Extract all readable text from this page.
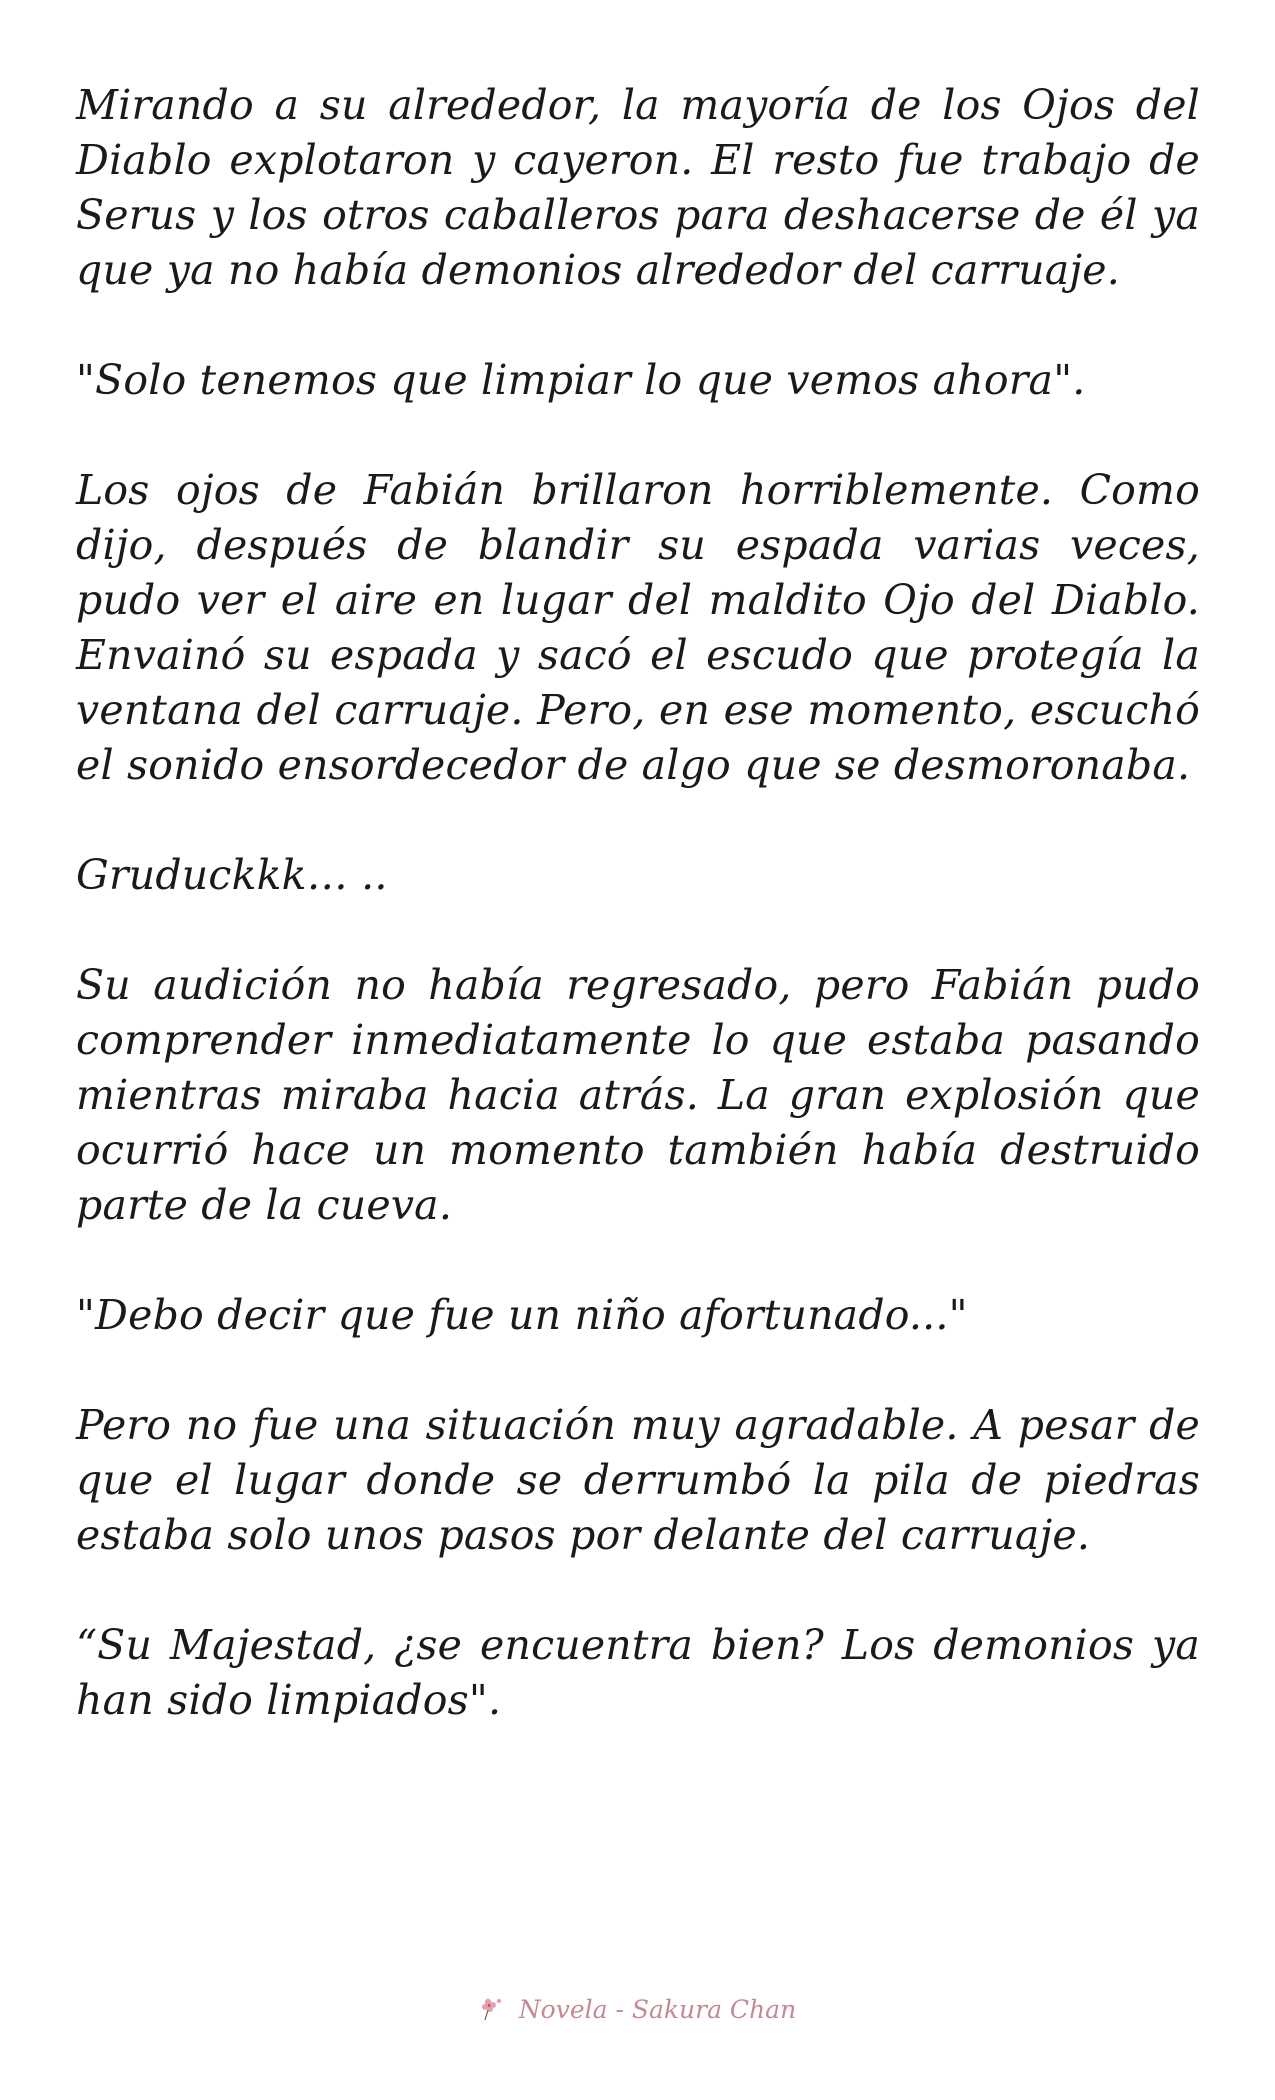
Mirando a su alrededor, la mayoría de los Ojos del Diablo explotaron y cayeron. El resto fue trabajo de Serus y los otros caballeros para deshacerse de él ya que ya no había demonios alrededor del carruaje.

"Solo tenemos que limpiar lo que vemos ahora".

Los ojos de Fabián brillaron horriblemente. Como dijo, después de blandir su espada varias veces, pudo ver el aire en lugar del maldito Ojo del Diablo. Envainó su espada y sacó el escudo que protegía la ventana del carruaje. Pero, en ese momento, escuchó el sonido ensordecedor de algo que se desmoronaba.

Gruduckkk… ..

Su audición no había regresado, pero Fabián pudo comprender inmediatamente lo que estaba pasando mientras miraba hacia atrás. La gran explosión que ocurrió hace un momento también había destruido parte de la cueva.

"Debo decir que fue un niño afortunado..."

Pero no fue una situación muy agradable. A pesar de que el lugar donde se derrumbó la pila de piedras estaba solo unos pasos por delante del carruaje.

“Su Majestad, ¿se encuentra bien? Los demonios ya han sido limpiados".

Novela - Sakura Chan
